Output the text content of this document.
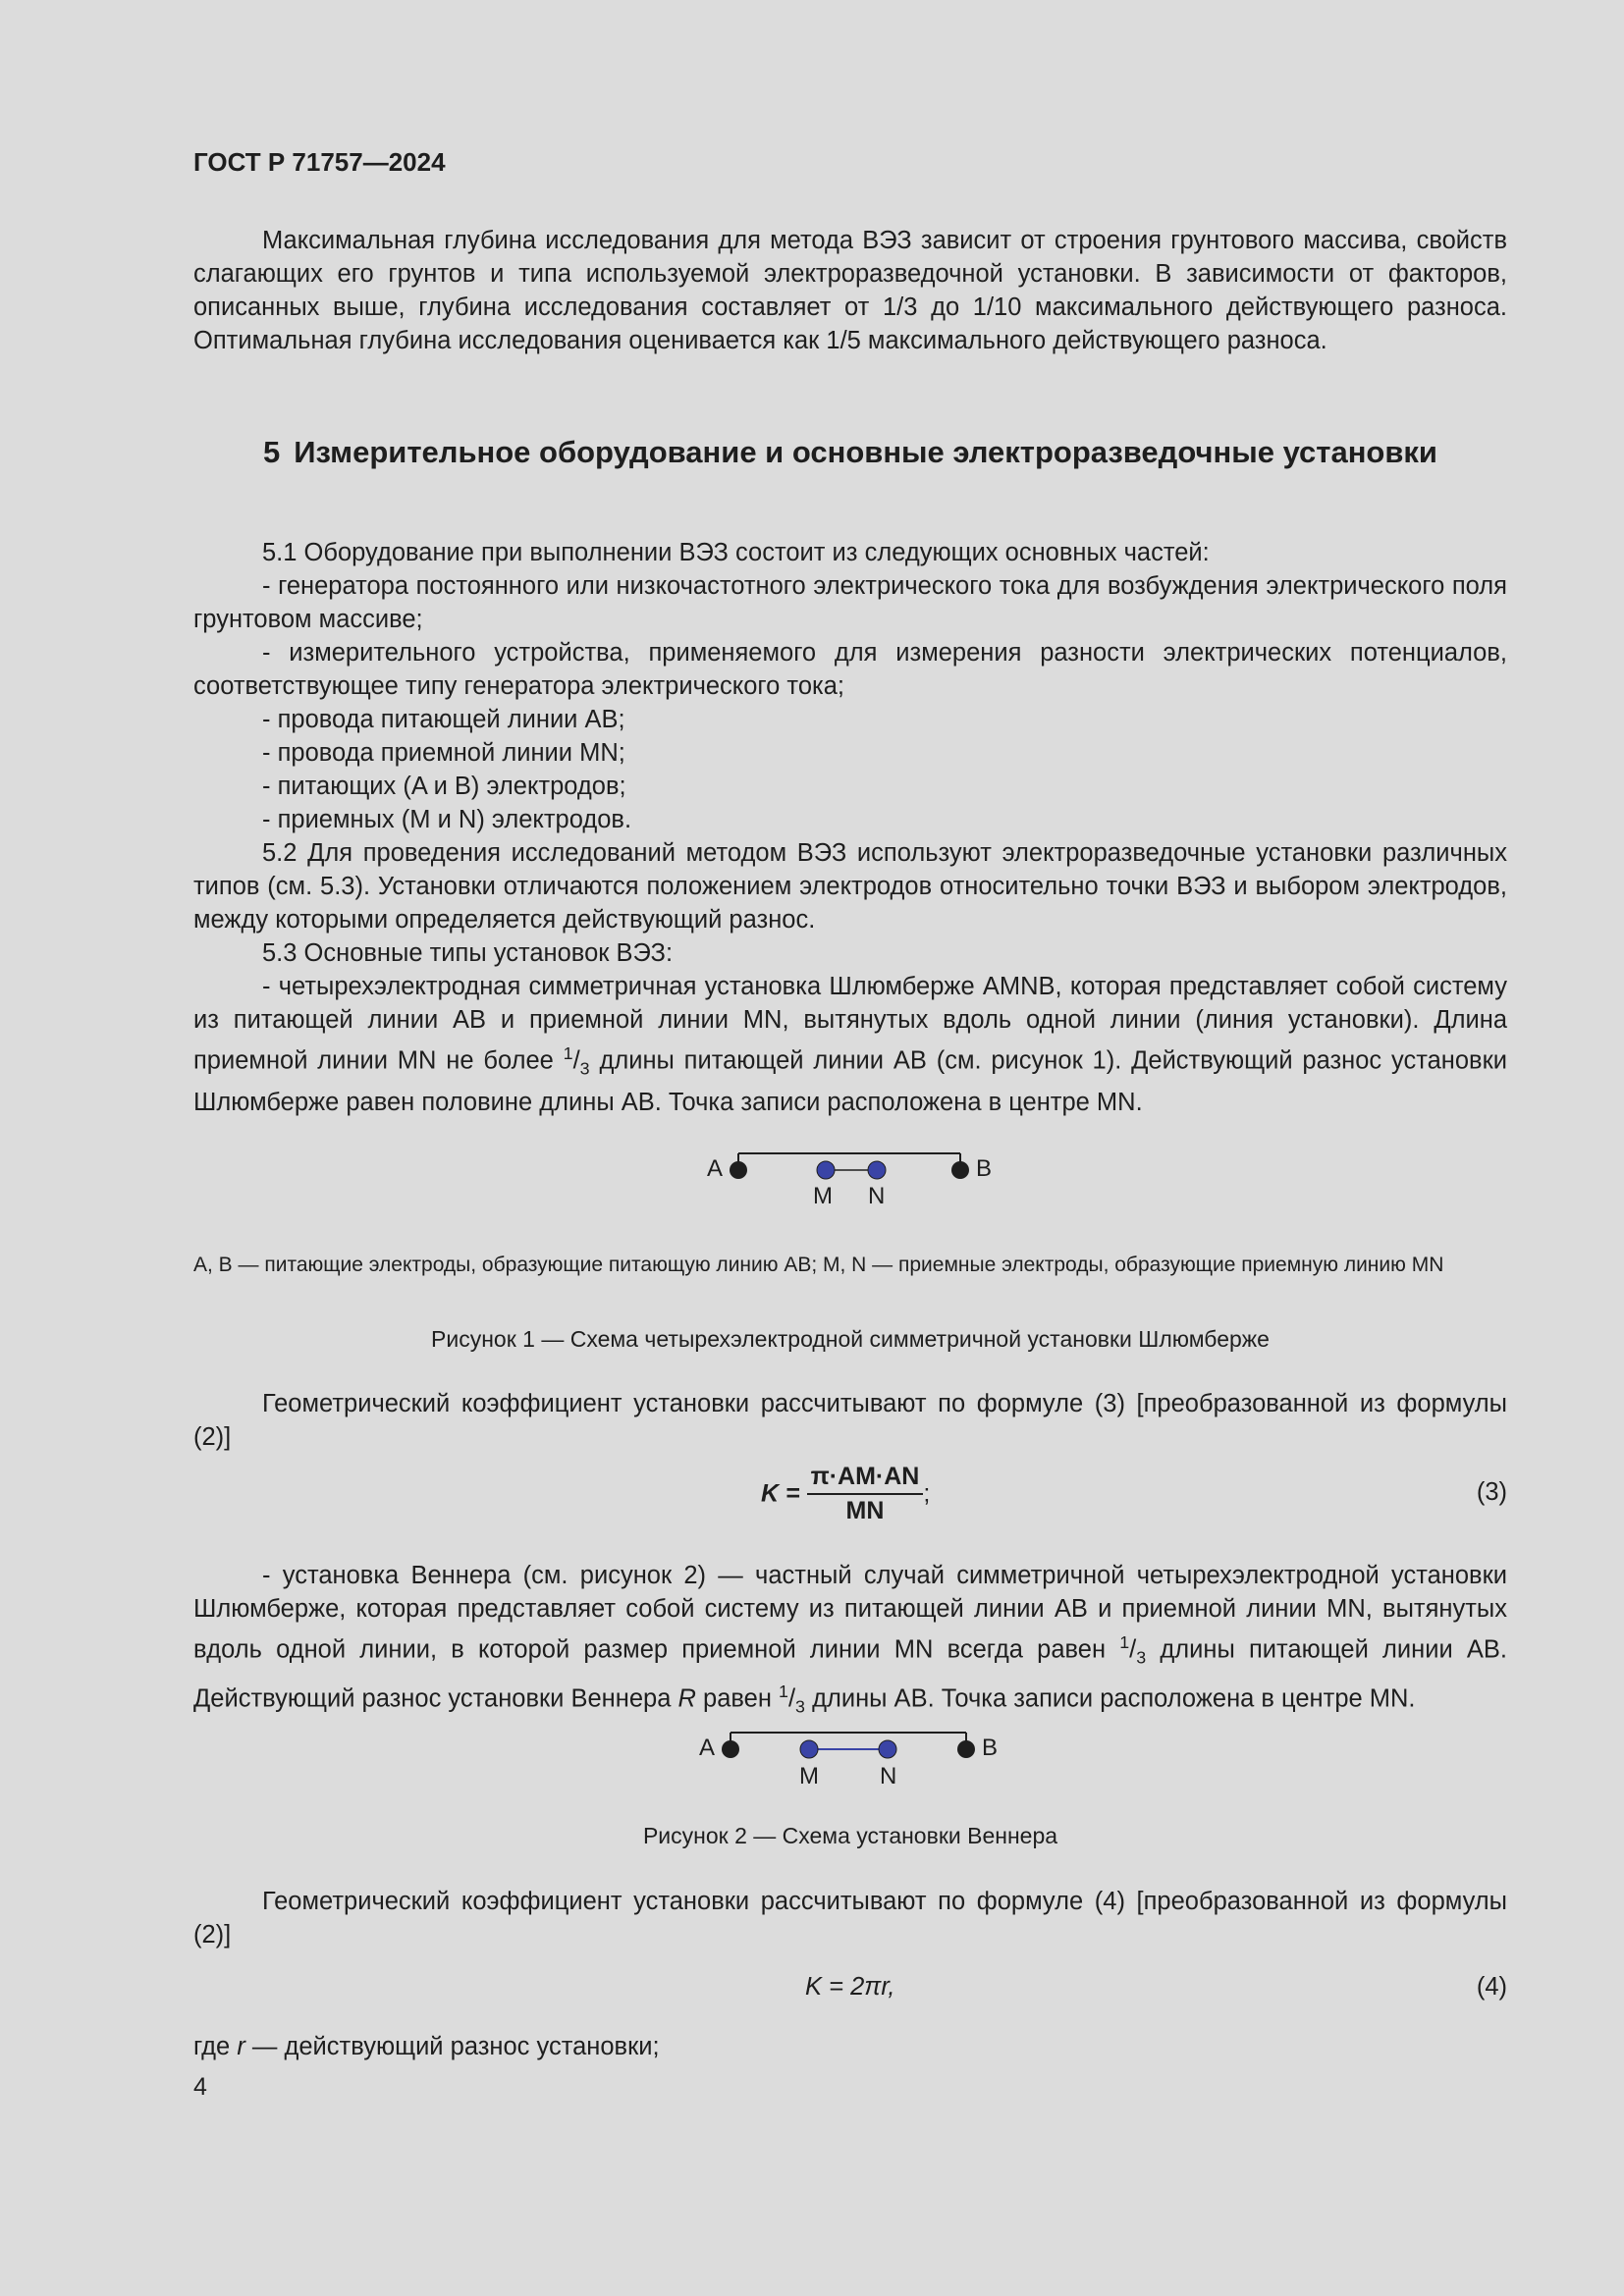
ГОСТ Р 71757—2024

Максимальная глубина исследования для метода ВЭЗ зависит от строения грунтового массива, свойств слагающих его грунтов и типа используемой электроразведочной установки. В зависимости от факторов, описанных выше, глубина исследования составляет от 1/3 до 1/10 максимального действующего разноса. Оптимальная глубина исследования оценивается как 1/5 максимального действующего разноса.

5 Измерительное оборудование и основные электроразведочные установки

5.1 Оборудование при выполнении ВЭЗ состоит из следующих основных частей:

- генератора постоянного или низкочастотного электрического тока для возбуждения электрического поля грунтовом массиве;

- измерительного устройства, применяемого для измерения разности электрических потенциалов, соответствующее типу генератора электрического тока;

- провода питающей линии AB;

- провода приемной линии MN;

- питающих (A и B) электродов;

- приемных (M и N) электродов.

5.2 Для проведения исследований методом ВЭЗ используют электроразведочные установки различных типов (см. 5.3). Установки отличаются положением электродов относительно точки ВЭЗ и выбором электродов, между которыми определяется действующий разнос.

5.3 Основные типы установок ВЭЗ:

- четырехэлектродная симметричная установка Шлюмберже AMNB, которая представляет собой систему из питающей линии AB и приемной линии MN, вытянутых вдоль одной линии (линия установки). Длина приемной линии MN не более $^1/_3$ длины питающей линии AB (см. рисунок 1). Действующий разнос установки Шлюмберже равен половине длины AB. Точка записи расположена в центре MN.

A	B
M N

A, B — питающие электроды, образующие питающую линию AB; M, N — приемные электроды, образующие приемную линию MN

Рисунок 1 — Схема четырехэлектродной симметричной установки Шлюмберже

Геометрический коэффициент установки рассчитывают по формуле (3) [преобразованной из формулы (2)]

$K = \frac{\pi\cdot AM\cdot AN}{MN}$ ;	(3)

- установка Веннера (см. рисунок 2) — частный случай симметричной четырехэлектродной установки Шлюмберже, которая представляет собой систему из питающей линии AB и приемной линии MN, вытянутых вдоль одной линии, в которой размер приемной линии MN всегда равен $^1/_3$ длины питающей линии AB. Действующий разнос установки Веннера R равен $^1/_3$ длины AB. Точка записи расположена в центре MN.

A	B
M	N
Рисунок 2 — Схема установки Веннера

Геометрический коэффициент установки рассчитывают по формуле (4) [преобразованной из формулы (2)]

K = 2πr,	(4)

где r — действующий разнос установки;

4
